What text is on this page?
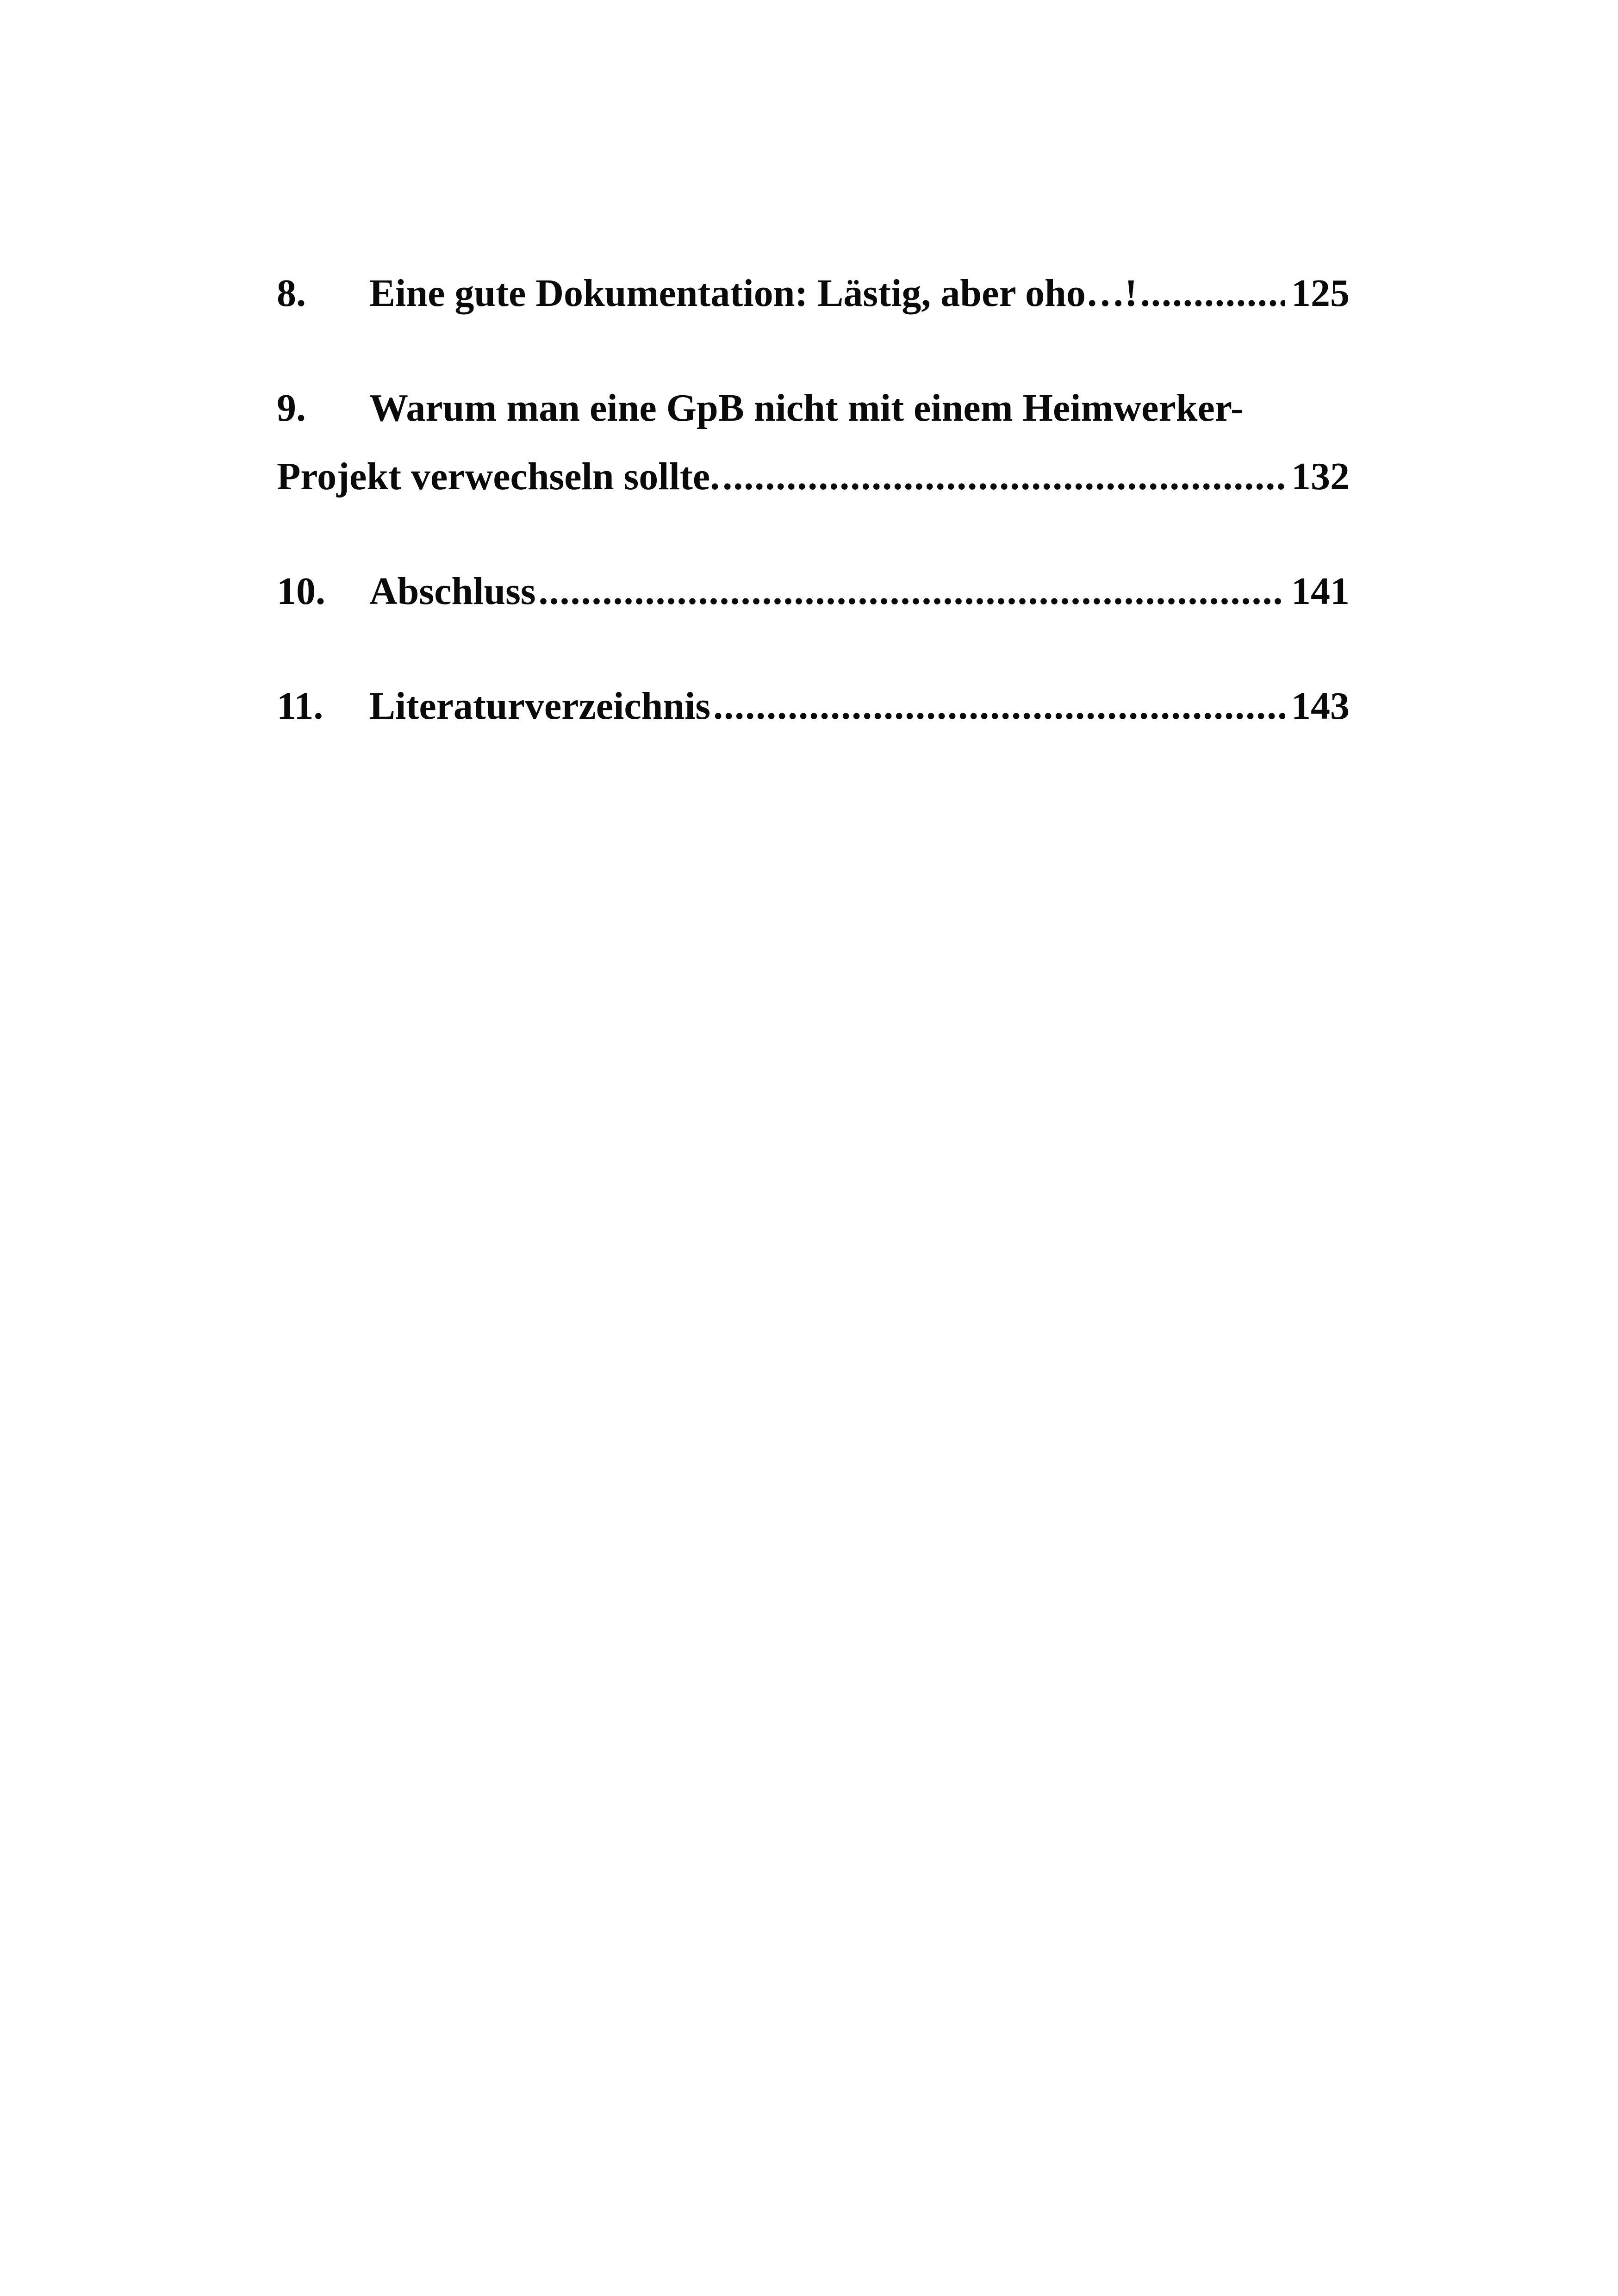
8.	Eine gute Dokumentation: Lästig, aber oho…! .....	125
9.	Warum man eine GpB nicht mit einem Heimwerker-
Projekt verwechseln sollte. .....	132
10.	Abschluss .....	141
11.	Literaturverzeichnis .....	143
